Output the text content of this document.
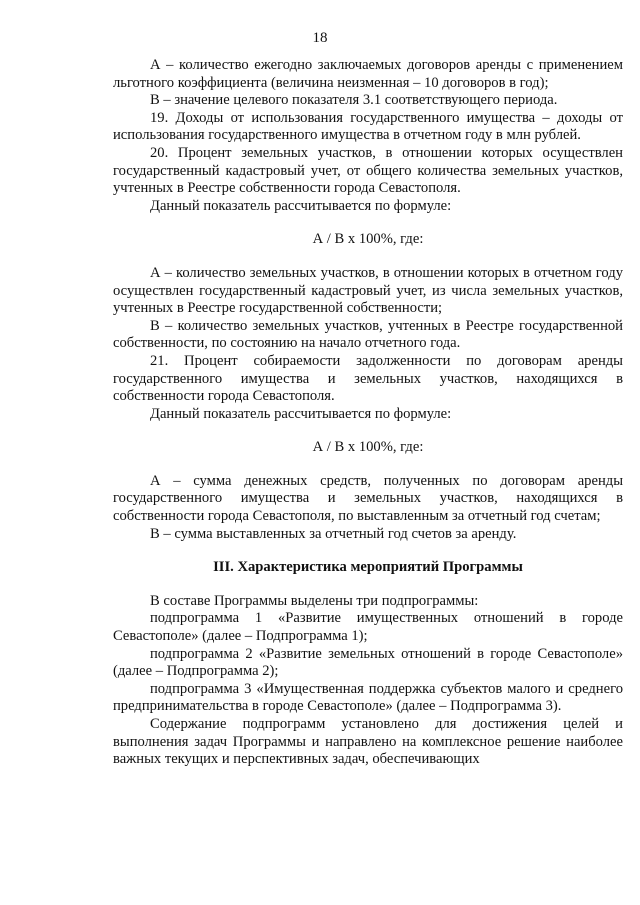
18

А – количество ежегодно заключаемых договоров аренды с применением льготного коэффициента (величина неизменная – 10 договоров в год);

В – значение целевого показателя 3.1 соответствующего периода.

19. Доходы от использования государственного имущества – доходы от использования государственного имущества в отчетном году в млн рублей.

20. Процент земельных участков, в отношении которых осуществлен государственный кадастровый учет, от общего количества земельных участков, учтенных в Реестре собственности города Севастополя.

Данный показатель рассчитывается по формуле:

А / В х 100%, где:

А – количество земельных участков, в отношении которых в отчетном году осуществлен государственный кадастровый учет, из числа земельных участков, учтенных в Реестре государственной собственности;

В – количество земельных участков, учтенных в Реестре государственной собственности, по состоянию на начало отчетного года.

21. Процент собираемости задолженности по договорам аренды государственного имущества и земельных участков, находящихся в собственности города Севастополя.

Данный показатель рассчитывается по формуле:

А / В х 100%, где:

А – сумма денежных средств, полученных по договорам аренды государственного имущества и земельных участков, находящихся в собственности города Севастополя, по выставленным за отчетный год счетам;

В – сумма выставленных за отчетный год счетов за аренду.

III. Характеристика мероприятий Программы

В составе Программы выделены три подпрограммы:

подпрограмма 1 «Развитие имущественных отношений в городе Севастополе» (далее – Подпрограмма 1);

подпрограмма 2 «Развитие земельных отношений в городе Севастополе» (далее – Подпрограмма 2);

подпрограмма 3 «Имущественная поддержка субъектов малого и среднего предпринимательства в городе Севастополе» (далее – Подпрограмма 3).

Содержание подпрограмм установлено для достижения целей и выполнения задач Программы и направлено на комплексное решение наиболее важных текущих и перспективных задач, обеспечивающих
